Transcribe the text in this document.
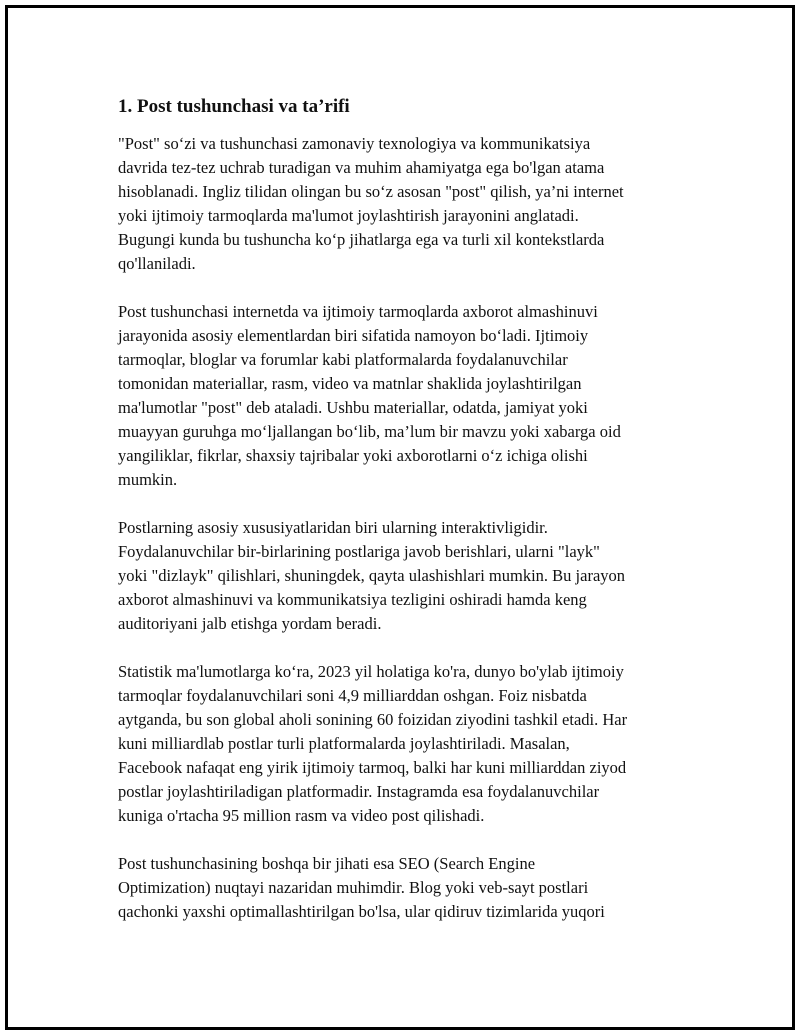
1. Post tushunchasi va ta’rifi
"Post" so‘zi va tushunchasi zamonaviy texnologiya va kommunikatsiya
davrida tez-tez uchrab turadigan va muhim ahamiyatga ega bo'lgan atama
hisoblanadi. Ingliz tilidan olingan bu so‘z asosan "post" qilish, ya’ni internet
yoki ijtimoiy tarmoqlarda ma'lumot joylashtirish jarayonini anglatadi.
Bugungi kunda bu tushuncha ko‘p jihatlarga ega va turli xil kontekstlarda
qo'llaniladi.
Post tushunchasi internetda va ijtimoiy tarmoqlarda axborot almashinuvi
jarayonida asosiy elementlardan biri sifatida namoyon bo‘ladi. Ijtimoiy
tarmoqlar, bloglar va forumlar kabi platformalarda foydalanuvchilar
tomonidan materiallar, rasm, video va matnlar shaklida joylashtirilgan
ma'lumotlar "post" deb ataladi. Ushbu materiallar, odatda, jamiyat yoki
muayyan guruhga mo‘ljallangan bo‘lib, ma’lum bir mavzu yoki xabarga oid
yangiliklar, fikrlar, shaxsiy tajribalar yoki axborotlarni o‘z ichiga olishi
mumkin.
Postlarning asosiy xususiyatlaridan biri ularning interaktivligidir.
Foydalanuvchilar bir-birlarining postlariga javob berishlari, ularni "layk"
yoki "dizlayk" qilishlari, shuningdek, qayta ulashishlari mumkin. Bu jarayon
axborot almashinuvi va kommunikatsiya tezligini oshiradi hamda keng
auditoriyani jalb etishga yordam beradi.
Statistik ma'lumotlarga ko‘ra, 2023 yil holatiga ko'ra, dunyo bo'ylab ijtimoiy
tarmoqlar foydalanuvchilari soni 4,9 milliarddan oshgan. Foiz nisbatda
aytganda, bu son global aholi sonining 60 foizidan ziyodini tashkil etadi. Har
kuni milliardlab postlar turli platformalarda joylashtiriladi. Masalan,
Facebook nafaqat eng yirik ijtimoiy tarmoq, balki har kuni milliarddan ziyod
postlar joylashtiriladigan platformadir. Instagramda esa foydalanuvchilar
kuniga o'rtacha 95 million rasm va video post qilishadi.
Post tushunchasining boshqa bir jihati esa SEO (Search Engine
Optimization) nuqtayi nazaridan muhimdir. Blog yoki veb-sayt postlari
qachonki yaxshi optimallashtirilgan bo'lsa, ular qidiruv tizimlarida yuqori
